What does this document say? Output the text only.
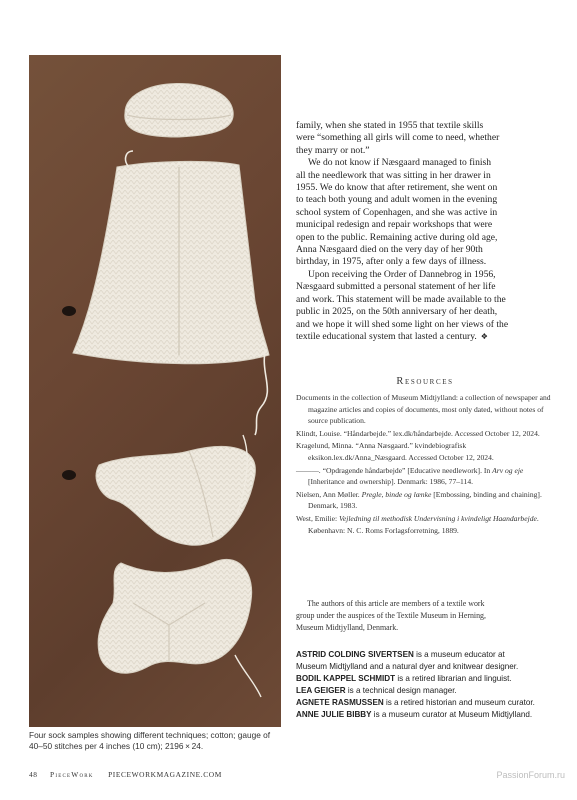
Four sock samples showing different techniques; cotton; gauge of
40–50 stitches per 4 inches (10 cm); 2196 × 24.

family, when she stated in 1955 that textile skills
were “something all girls will come to need, whether
they marry or not.”

We do not know if Næsgaard managed to finish
all the needlework that was sitting in her drawer in
1955. We do know that after retirement, she went on
to teach both young and adult women in the evening
school system of Copenhagen, and she was active in
municipal redesign and repair workshops that were
open to the public. Remaining active during old age,
Anna Næsgaard died on the very day of her 90th
birthday, in 1975, after only a few days of illness.

Upon receiving the Order of Dannebrog in 1956,
Næsgaard submitted a personal statement of her life
and work. This statement will be made available to the
public in 2025, on the 50th anniversary of her death,
and we hope it will shed some light on her views of the
textile educational system that lasted a century. ❖

Resources
Documents in the collection of Museum Midtjylland: a collection of newspaper and magazine articles and copies of documents, most only dated, without notes of source publication.
Klindt, Louise. “Håndarbejde.” lex.dk/håndarbejde. Accessed October 12, 2024.
Kragelund, Minna. “Anna Næsgaard.” kvindebiografisk eksikon.lex.dk/Anna_Næsgaard. Accessed October 12, 2024.
———. “Opdragende håndarbejde” [Educative needlework]. In Arv og eje [Inheritance and ownership]. Denmark: 1986, 77–114.
Nielsen, Ann Møller. Pregle, binde og lænke [Embossing, binding and chaining]. Denmark, 1983.
West, Emilie: Vejledning til methodisk Undervisning i kvindeligt Haandarbejde. København: N. C. Roms Forlagsforretning, 1889.
The authors of this article are members of a textile work
group under the auspices of the Textile Museum in Herning,
Museum Midtjylland, Denmark.
ASTRID COLDING SIVERTSEN is a museum educator at
Museum Midtjylland and a natural dyer and knitwear designer.
BODIL KAPPEL SCHMIDT is a retired librarian and linguist.
LEA GEIGER is a technical design manager.
AGNETE RASMUSSEN is a retired historian and museum curator.
ANNE JULIE BIBBY is a museum curator at Museum Midtjylland.
48 PieceWork PIECEWORKMAGAZINE.COM	PassionForum.ru
